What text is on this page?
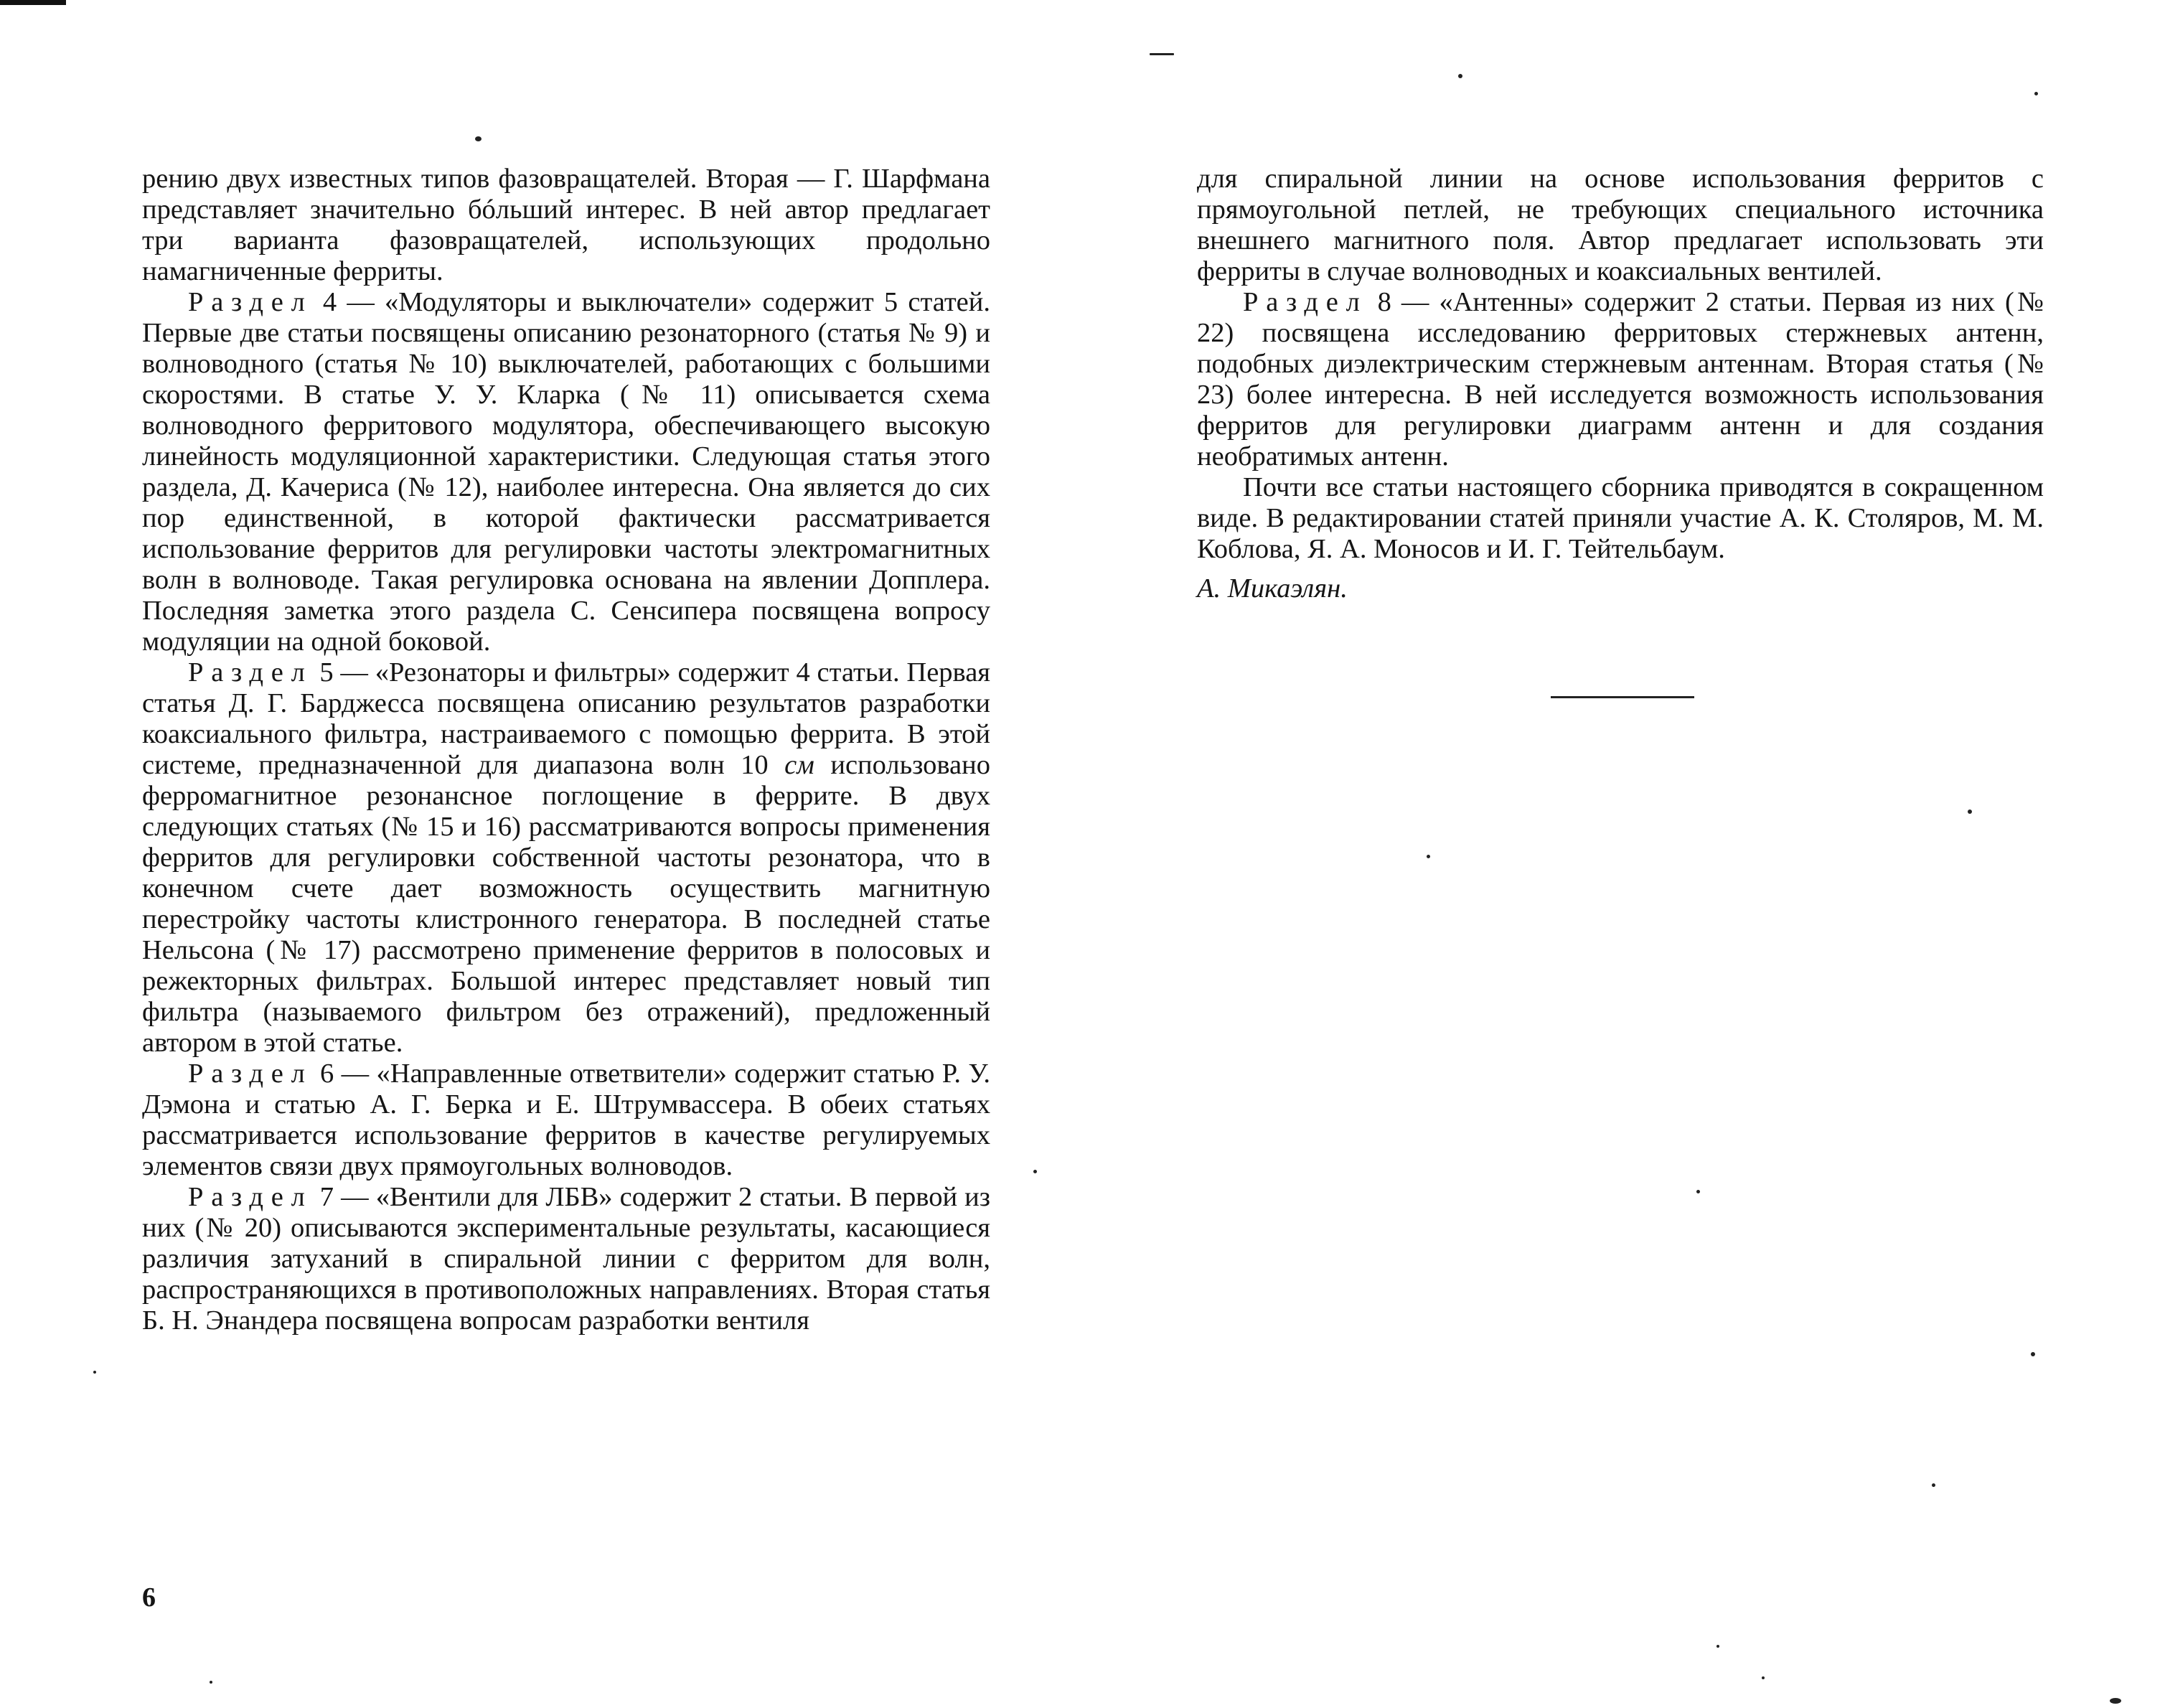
рению двух известных типов фазовращателей. Вторая — Г. Шарфмана представляет значительно бóльший интерес. В ней автор предлагает три варианта фазовращателей, использующих продольно намагниченные ферриты.

Раздел 4 — «Модуляторы и выключатели» содержит 5 статей. Первые две статьи посвящены описанию резонаторного (статья № 9) и волноводного (статья № 10) выключателей, работающих с большими скоростями. В статье У. У. Кларка (№ 11) описывается схема волноводного ферритового модулятора, обеспечивающего высокую линейность модуляционной характеристики. Следующая статья этого раздела, Д. Качериса (№ 12), наиболее интересна. Она является до сих пор единственной, в которой фактически рассматривается использование ферритов для регулировки частоты электромагнитных волн в волноводе. Такая регулировка основана на явлении Допплера. Последняя заметка этого раздела С. Сенсипера посвящена вопросу модуляции на одной боковой.

Раздел 5 — «Резонаторы и фильтры» содержит 4 статьи. Первая статья Д. Г. Барджесса посвящена описанию результатов разработки коаксиального фильтра, настраиваемого с помощью феррита. В этой системе, предназначенной для диапазона волн 10 см использовано ферромагнитное резонансное поглощение в феррите. В двух следующих статьях (№ 15 и 16) рассматриваются вопросы применения ферритов для регулировки собственной частоты резонатора, что в конечном счете дает возможность осуществить магнитную перестройку частоты клистронного генератора. В последней статье Нельсона (№ 17) рассмотрено применение ферритов в полосовых и режекторных фильтрах. Большой интерес представляет новый тип фильтра (называемого фильтром без отражений), предложенный автором в этой статье.

Раздел 6 — «Направленные ответвители» содержит статью Р. У. Дэмона и статью А. Г. Берка и Е. Штрумвассера. В обеих статьях рассматривается использование ферритов в качестве регулируемых элементов связи двух прямоугольных волноводов.

Раздел 7 — «Вентили для ЛБВ» содержит 2 статьи. В первой из них (№ 20) описываются экспериментальные результаты, касающиеся различия затуханий в спиральной линии с ферритом для волн, распространяющихся в противоположных направлениях. Вторая статья Б. Н. Энандера посвящена вопросам разработки вентиля

для спиральной линии на основе использования ферритов с прямоугольной петлей, не требующих специального источника внешнего магнитного поля. Автор предлагает использовать эти ферриты в случае волноводных и коаксиальных вентилей.

Раздел 8 — «Антенны» содержит 2 статьи. Первая из них (№ 22) посвящена исследованию ферритовых стержневых антенн, подобных диэлектрическим стержневым антеннам. Вторая статья (№ 23) более интересна. В ней исследуется возможность использования ферритов для регулировки диаграмм антенн и для создания необратимых антенн.

Почти все статьи настоящего сборника приводятся в сокращенном виде. В редактировании статей приняли участие А. К. Столяров, М. М. Коблова, Я. А. Моносов и И. Г. Тейтельбаум.

А. Микаэлян.

6
